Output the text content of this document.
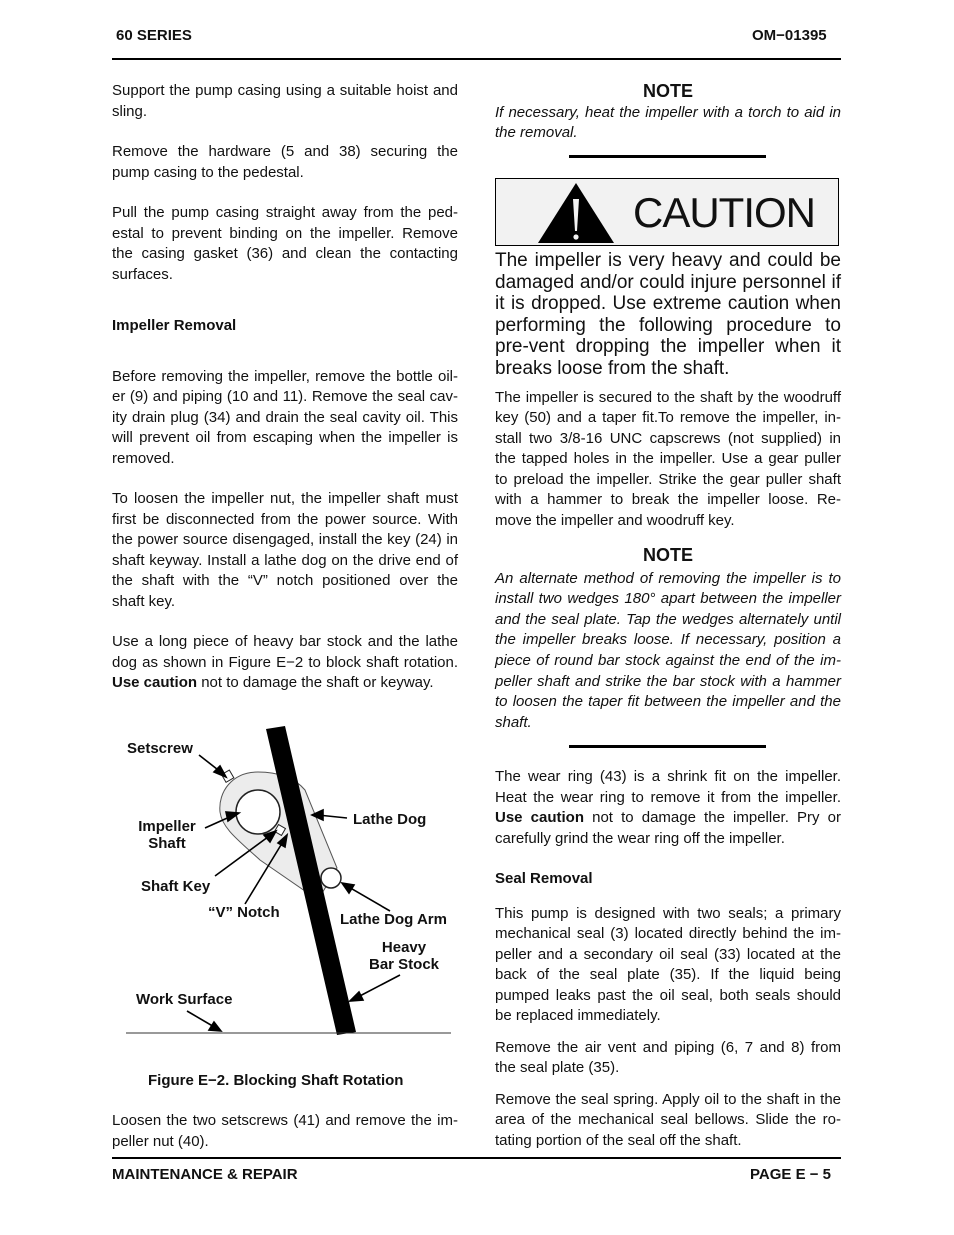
60 SERIES	OM−01395

Support the pump casing using a suitable hoist and sling.

Remove the hardware (5 and 38) securing the pump casing to the pedestal.

Pull the pump casing straight away from the ped-estal to prevent binding on the impeller. Remove the casing gasket (36) and clean the contacting surfaces.

Impeller Removal

Before removing the impeller, remove the bottle oil-er (9) and piping (10 and 11). Remove the seal cav-ity drain plug (34) and drain the seal cavity oil. This will prevent oil from escaping when the impeller is removed.

To loosen the impeller nut, the impeller shaft must first be disconnected from the power source. With the power source disengaged, install the key (24) in shaft keyway. Install a lathe dog on the drive end of the shaft with the “V” notch positioned over the shaft key.

Use a long piece of heavy bar stock and the lathe dog as shown in Figure E−2 to block shaft rotation. Use caution not to damage the shaft or keyway.

Setscrew
Impeller
Shaft
Shaft Key
“V” Notch
Lathe Dog
Lathe Dog Arm
Heavy
Bar Stock
Work Surface
Figure E−2. Blocking Shaft Rotation

Loosen the two setscrews (41) and remove the im-peller nut (40).

NOTE
If necessary, heat the impeller with a torch to aid in the removal.
CAUTION

The impeller is very heavy and could be damaged and/or could injure personnel if it is dropped. Use extreme caution when performing the following procedure to pre-vent dropping the impeller when it breaks loose from the shaft.

The impeller is secured to the shaft by the woodruff key (50) and a taper fit.To remove the impeller, in-stall two 3/8-16 UNC capscrews (not supplied) in the tapped holes in the impeller. Use a gear puller to preload the impeller. Strike the gear puller shaft with a hammer to break the impeller loose. Re-move the impeller and woodruff key.

NOTE
An alternate method of removing the impeller is to install two wedges 180° apart between the impeller and the seal plate. Tap the wedges alternately until the impeller breaks loose. If necessary, position a piece of round bar stock against the end of the im-peller shaft and strike the bar stock with a hammer to loosen the taper fit between the impeller and the shaft.

The wear ring (43) is a shrink fit on the impeller. Heat the wear ring to remove it from the impeller. Use caution not to damage the impeller. Pry or carefully grind the wear ring off the impeller.

Seal Removal

This pump is designed with two seals; a primary mechanical seal (3) located directly behind the im-peller and a secondary oil seal (33) located at the back of the seal plate (35). If the liquid being pumped leaks past the oil seal, both seals should be replaced immediately.

Remove the air vent and piping (6, 7 and 8) from the seal plate (35).

Remove the seal spring. Apply oil to the shaft in the area of the mechanical seal bellows. Slide the ro-tating portion of the seal off the shaft.

MAINTENANCE & REPAIR	PAGE E − 5
